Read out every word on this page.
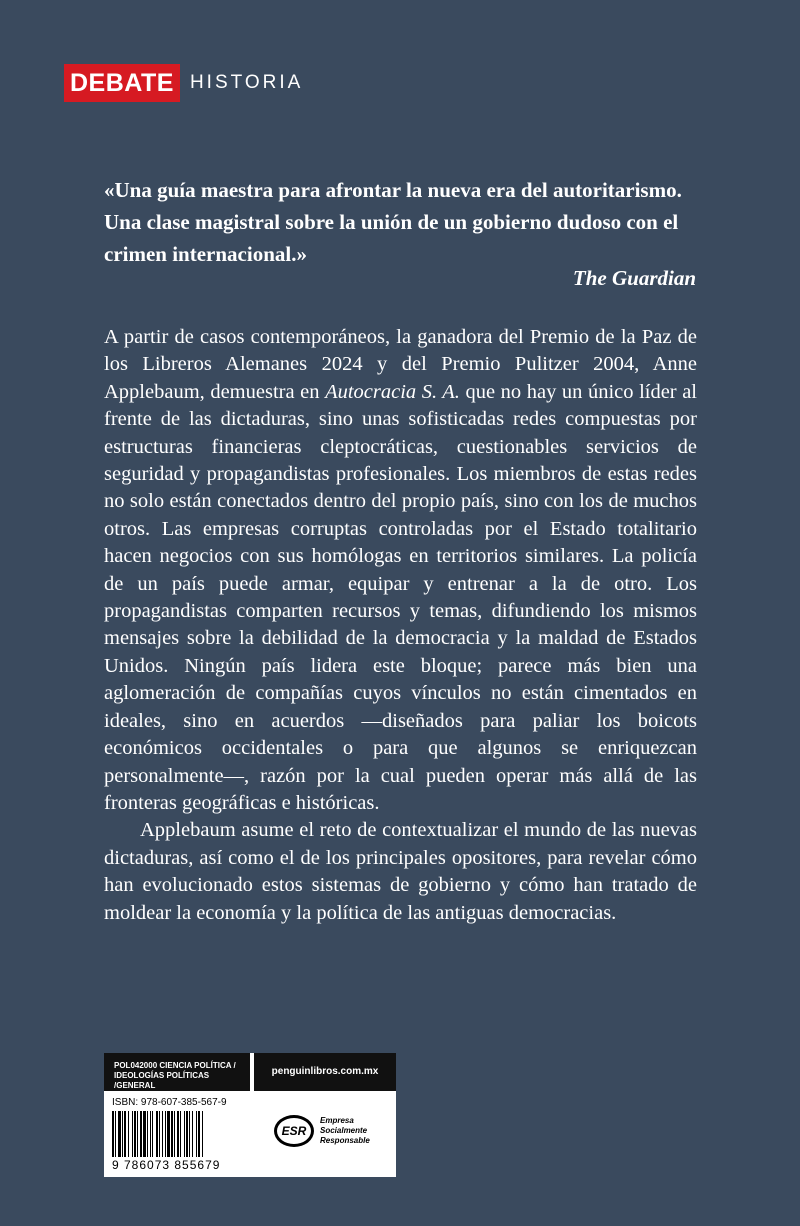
DEBATE HISTORIA

«Una guía maestra para afrontar la nueva era del autoritarismo. Una clase magistral sobre la unión de un gobierno dudoso con el crimen internacional.»

The Guardian

A partir de casos contemporáneos, la ganadora del Premio de la Paz de los Libreros Alemanes 2024 y del Premio Pulitzer 2004, Anne Applebaum, demuestra en Autocracia S. A. que no hay un único líder al frente de las dictaduras, sino unas sofisticadas redes compuestas por estructuras financieras cleptocráticas, cuestionables servicios de seguridad y propagandistas profesionales. Los miembros de estas redes no solo están conectados dentro del propio país, sino con los de muchos otros. Las empresas corruptas controladas por el Estado totalitario hacen negocios con sus homólogas en territorios similares. La policía de un país puede armar, equipar y entrenar a la de otro. Los propagandistas comparten recursos y temas, difundiendo los mismos mensajes sobre la debilidad de la democracia y la maldad de Estados Unidos. Ningún país lidera este bloque; parece más bien una aglomeración de compañías cuyos vínculos no están cimentados en ideales, sino en acuerdos —diseñados para paliar los boicots económicos occidentales o para que algunos se enriquezcan personalmente—, razón por la cual pueden operar más allá de las fronteras geográficas e históricas.

Applebaum asume el reto de contextualizar el mundo de las nuevas dictaduras, así como el de los principales opositores, para revelar cómo han evolucionado estos sistemas de gobierno y cómo han tratado de moldear la economía y la política de las antiguas democracias.

POL042000 CIENCIA POLÍTICA /
IDEOLOGÍAS POLÍTICAS /GENERAL
penguinlibros.com.mx
ISBN: 978-607-385-567-9
9 786073 855679
ESR
Empresa
Socialmente
Responsable
